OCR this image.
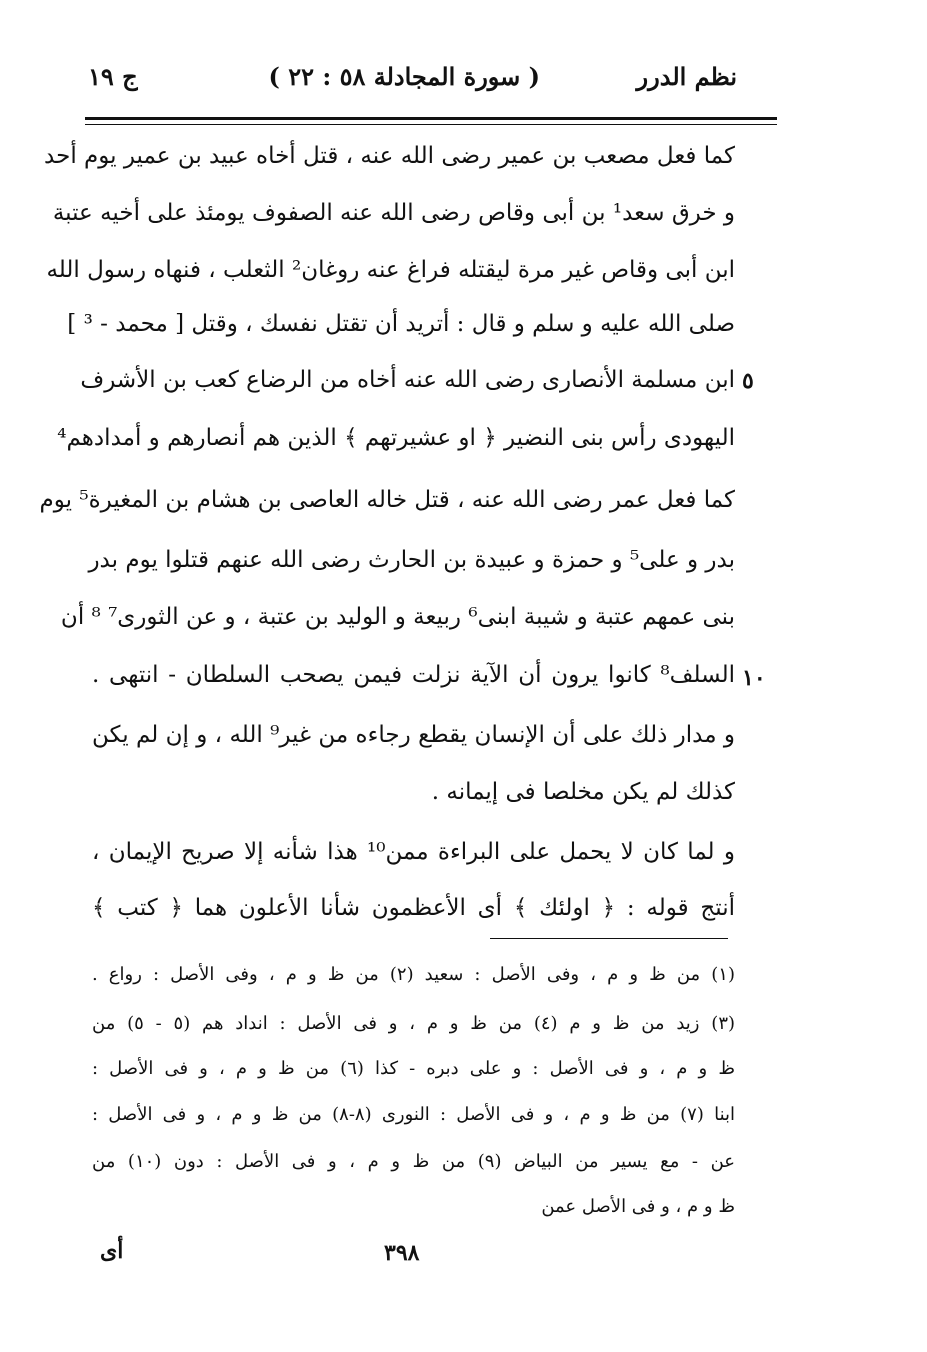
نظم الدرر
( سورة المجادلة ٥٨ : ٢٢ )
ج ١٩
كما فعل مصعب بن عمير رضى الله عنه ، قتل أخاه عبيد بن عمير يوم أحد
و خرق سعد¹ بن أبى وقاص رضى الله عنه الصفوف يومئذ على أخيه عتبة
ابن أبى وقاص غير مرة ليقتله فراغ عنه روغان² الثعلب ، فنهاه رسول الله
صلى الله عليه و سلم و قال : أتريد أن تقتل نفسك ، وقتل [ محمد - ³ ]
ابن مسلمة الأنصارى رضى الله عنه أخاه من الرضاع كعب بن الأشرف ٥
اليهودى رأس بنى النضير ﴿ او عشيرتهم ﴾ الذين هم أنصارهم و أمدادهم⁴
كما فعل عمر رضى الله عنه ، قتل خاله العاصى بن هشام بن المغيرة⁵ يوم
بدر و على⁵ و حمزة و عبيدة بن الحارث رضى الله عنهم قتلوا يوم بدر
بنى عمهم عتبة و شيبة ابنى⁶ ربيعة و الوليد بن عتبة ، و عن الثورى⁷ ⁸ أن
السلف⁸ كانوا يرون أن الآية نزلت فيمن يصحب السلطان - انتهى . ١٠
و مدار ذلك على أن الإنسان يقطع رجاءه من غير⁹ الله ، و إن لم يكن
كذلك لم يكن مخلصا فى إيمانه .
و لما كان لا يحمل على البراءة ممن¹⁰ هذا شأنه إلا صريح الإيمان ،
أنتج قوله : ﴿ اولئك ﴾ أى الأعظمون شأنا الأعلون هما ﴿ كتب ﴾
(١) من ظ و م ، وفى الأصل : سعيد (٢) من ظ و م ، وفى الأصل : رواع .
(٣) زيد من ظ و م (٤) من ظ و م ، و فى الأصل : انداد هم (٥ - ٥) من
ظ و م ، و فى الأصل : و على دبره - كذا (٦) من ظ و م ، و فى الأصل :
ابنا (٧) من ظ و م ، و فى الأصل : النورى (٨-٨) من ظ و م ، و فى الأصل :
عن - مع يسير من البياض (٩) من ظ و م ، و فى الأصل : دون (١٠) من
ظ و م ، و فى الأصل عمن
٣٩٨
أى
